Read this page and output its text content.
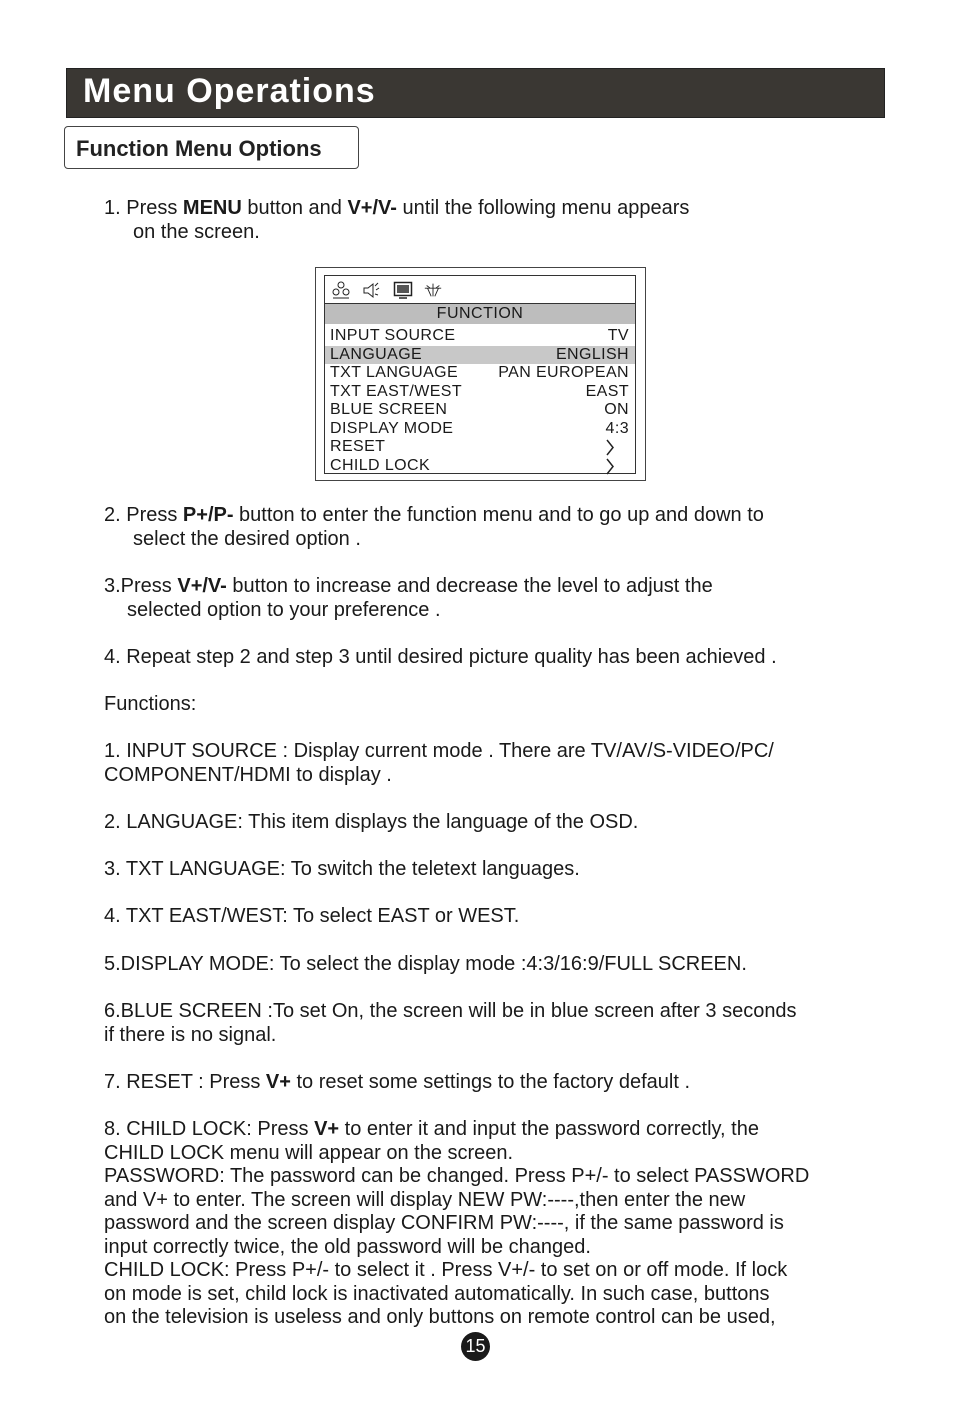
Menu Operations
Function Menu Options
1. Press MENU button and V+/V- until the following menu appears
on the screen.
FUNCTION
INPUT SOURCE	TV
LANGUAGE	ENGLISH
TXT LANGUAGE	PAN EUROPEAN
TXT EAST/WEST	EAST
BLUE SCREEN	ON
DISPLAY MODE	4:3
RESET
CHILD LOCK
2. Press P+/P- button to enter the function menu and to go up and down to
select the desired option .
3.Press V+/V- button to increase and decrease the level to adjust the
selected option to your preference .
4. Repeat step 2 and step 3 until desired picture quality has been achieved .
Functions:
1. INPUT SOURCE : Display current mode . There are TV/AV/S-VIDEO/PC/
COMPONENT/HDMI to display .
2. LANGUAGE: This item displays the language of the OSD.
3. TXT LANGUAGE: To switch the teletext languages.
4. TXT EAST/WEST: To select EAST or WEST.
5.DISPLAY MODE: To select the display mode :4:3/16:9/FULL SCREEN.
6.BLUE SCREEN :To set On, the screen will be in blue screen after 3 seconds
if there is no signal.
7. RESET : Press V+ to reset some settings to the factory default .
8. CHILD LOCK: Press V+ to enter it and input the password correctly, the
CHILD LOCK menu will appear on the screen.
PASSWORD: The password can be changed. Press P+/- to select PASSWORD
and V+ to enter. The screen will display NEW PW:----,then enter the new
password and the screen display CONFIRM PW:----, if the same password is
input correctly twice, the old password will be changed.
CHILD LOCK: Press P+/- to select it . Press V+/- to set on or off mode. If lock
on mode is set, child lock is inactivated automatically. In such case, buttons
on the television is useless and only buttons on remote control can be used,
15
